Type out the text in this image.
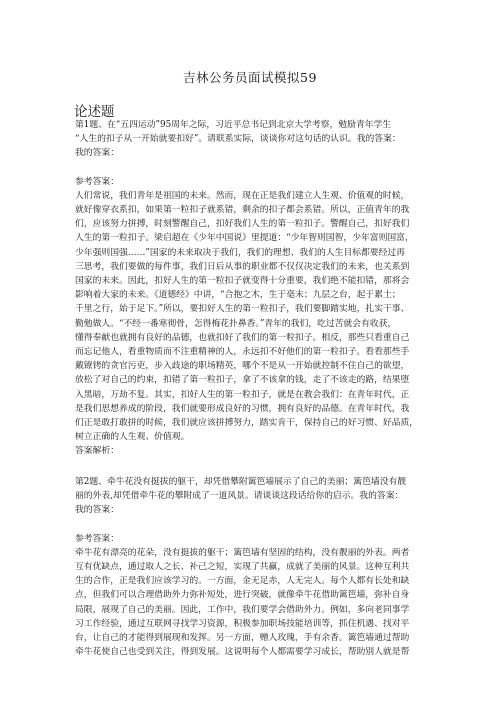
吉林公务员面试模拟59
论述题

第1题、在“五四运动”95周年之际，习近平总书记到北京大学考察，勉励青年学生

“人生的扣子从一开始就要扣好”。请联系实际，谈谈你对这句话的认识。我的答案：

我的答案：

参考答案：

人们常说，我们青年是祖国的未来。然而，现在正是我们建立人生观、价值观的时候，

就好像穿衣系扣，如果第一粒扣子就系错，剩余的扣子都会系错。所以，正值青年的我

们，应该努力拼搏，时刻警醒自己，扣好我们人生的第一粒扣子。警醒自己，扣好我们

人生的第一粒扣子。梁启超在《少年中国说》里提道：“少年智则国智，少年富则国富，

少年强则国强……”国家的未来取决于我们，我们的理想、我们的人生目标都要经过再

三思考，我们要做的每件事，我们日后从事的职业都不仅仅决定我们的未来，也关系到

国家的未来。因此，扣好人生的第一粒扣子就变得十分重要，我们绝不能扣错，那将会

影响着大家的未来。《道德经》中讲，“合抱之木，生于毫末；九层之台，起于累土；

千里之行，始于足下。”所以，要扣好人生的第一粒扣子，我们要脚踏实地，扎实干事、

勤勉做人。“不经一番寒彻骨，怎得梅花扑鼻香。”青年的我们，吃过苦就会有收获，

懂得奉献也就拥有良好的品德，也就扣好了我们的第一粒扣子。相反，那些只看重自己

而忘记他人，看重物质而不注重精神的人，永远扣不好他们的第一粒扣子。看看那些手

戴镣铐的贪官污吏，步入歧途的职场精英，哪个不是从一开始就控制不住自己的欲望，

放松了对自己的约束，扣错了第一粒扣子，拿了不该拿的钱，走了不该走的路，结果堕

入黑暗，万劫不复。其实，扣好人生的第一粒扣子，就是在教会我们：在青年时代，正

是我们思想养成的阶段，我们就要形成良好的习惯，拥有良好的品德。在青年时代，我

们正是敢打敢拼的时候，我们就应该拼搏努力，踏实肯干，保持自己的好习惯、好品质，

树立正确的人生观、价值观。

答案解析：

第2题、牵牛花没有挺拔的躯干，却凭借攀附篱笆墙展示了自己的美丽；篱笆墙没有靓

丽的外表,却凭借牵牛花的攀附成了一道风景。请谈谈这段话给你的启示。我的答案：

我的答案：

参考答案：

牵牛花有漂亮的花朵，没有挺拔的躯干；篱笆墙有坚固的结构，没有靓丽的外表。两者

互有优缺点，通过取人之长、补己之短，实现了共赢，成就了美丽的风景。这种互利共

生的合作，正是我们应该学习的。一方面，金无足赤，人无完人。每个人都有长处和缺

点，但我们可以合理借助外力弥补短处，进行突破，就像牵牛花借助篱笆墙，弥补自身

局限，展现了自己的美丽。因此，工作中，我们要学会借助外力。例如，多向老同事学

习工作经验，通过互联网寻找学习资源，积极参加职场技能培训等，抓住机遇、找对平

台，让自己的才能得到展现和发挥。另一方面，赠人玫瑰，手有余香。篱笆墙通过帮助

牵牛花使自己也受到关注，得到发展。这说明每个人都需要学习成长，帮助别人就是帮
